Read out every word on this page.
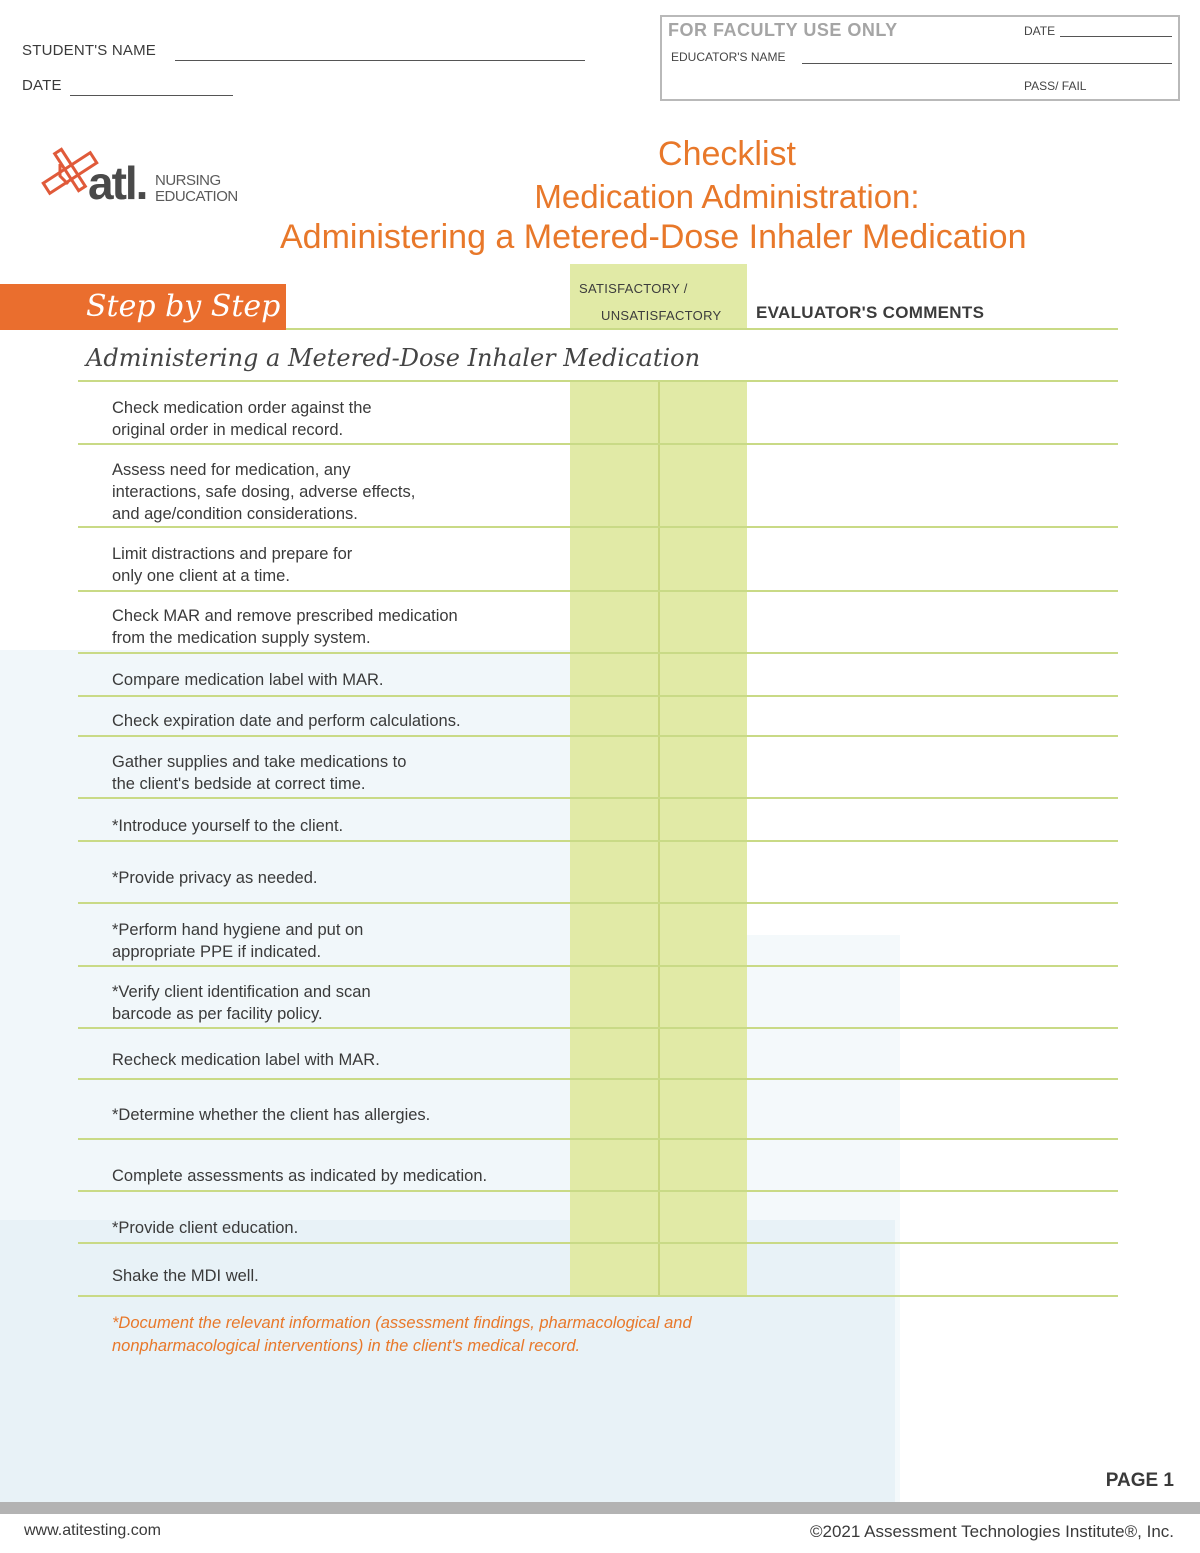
STUDENT'S NAME
DATE
FOR FACULTY USE ONLY	DATE
EDUCATOR'S NAME
PASS/ FAIL
atl. NURSING
EDUCATION
Checklist
Medication Administration:
Administering a Metered-Dose Inhaler Medication
Step by Step
SATISFACTORY /
UNSATISFACTORY EVALUATOR'S COMMENTS
Administering a Metered-Dose Inhaler Medication
Check medication order against the
original order in medical record.
Assess need for medication, any
interactions, safe dosing, adverse effects,
and age/condition considerations.
Limit distractions and prepare for
only one client at a time.
Check MAR and remove prescribed medication
from the medication supply system.
Compare medication label with MAR.
Check expiration date and perform calculations.
Gather supplies and take medications to
the client's bedside at correct time.
*Introduce yourself to the client.
*Provide privacy as needed.
*Perform hand hygiene and put on
appropriate PPE if indicated.
*Verify client identification and scan
barcode as per facility policy.
Recheck medication label with MAR.
*Determine whether the client has allergies.
Complete assessments as indicated by medication.
*Provide client education.
Shake the MDI well.
*Document the relevant information (assessment findings, pharmacological and nonpharmacological interventions) in the client's medical record.
PAGE 1
www.atitesting.com	©2021 Assessment Technologies Institute®, Inc.
